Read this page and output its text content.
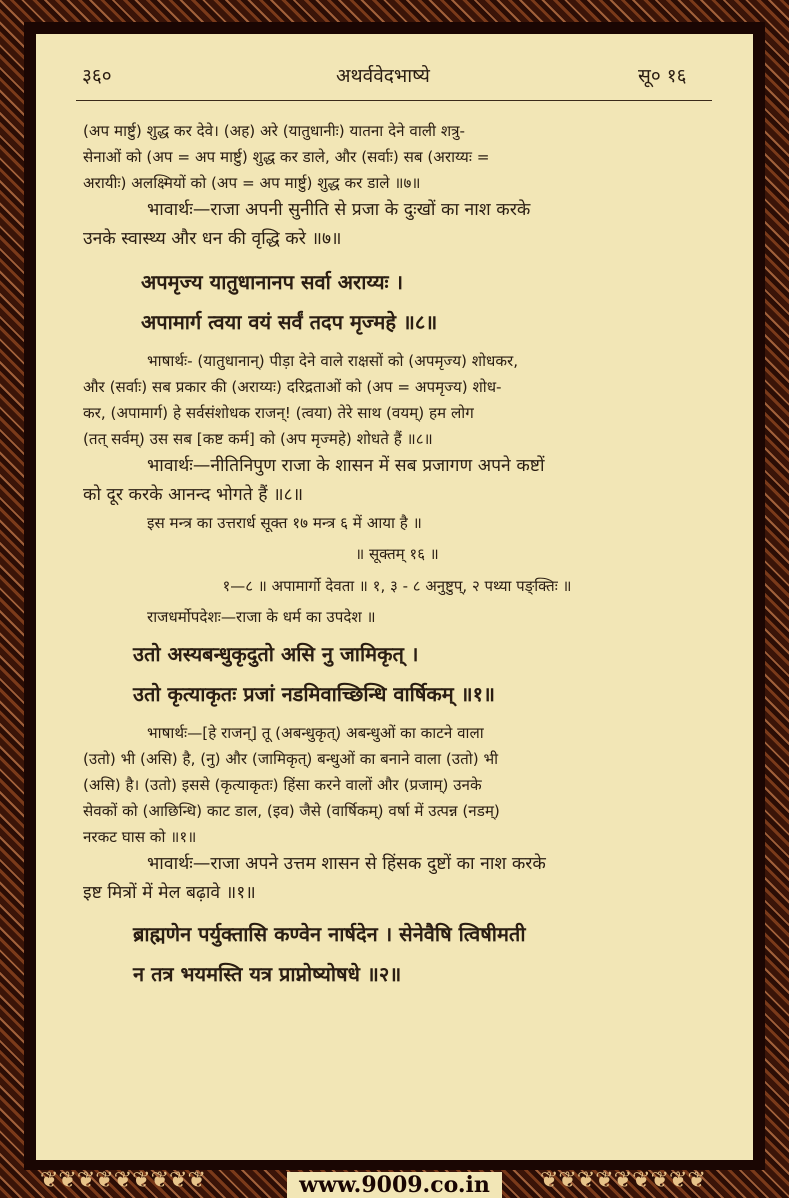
❦❦❦❦❦❦❦❦❦	❦❦❦❦❦❦❦❦❦
३६०	अथर्ववेदभाष्ये	सू० १६

(अप मार्ष्टु) शुद्ध कर देवे। (अह) अरे (यातुधानीः) यातना देने वाली शत्रु-

सेनाओं को (अप = अप मार्ष्टु) शुद्ध कर डाले, और (सर्वाः) सब (अराय्यः =

अरायीः) अलक्ष्मियों को (अप = अप मार्ष्टु) शुद्ध कर डाले ॥७॥

भावार्थः—राजा अपनी सुनीति से प्रजा के दुःखों का नाश करके

उनके स्वास्थ्य और धन की वृद्धि करे ॥७॥

अपमृज्य यातुधानानप सर्वा अराय्यः ।

अपामार्ग त्वया वयं सर्वं तदप मृज्महे ॥८॥

भाषार्थः- (यातुधानान्) पीड़ा देने वाले राक्षसों को (अपमृज्य) शोधकर,

और (सर्वाः) सब प्रकार की (अराय्यः) दरिद्रताओं को (अप = अपमृज्य) शोध-

कर, (अपामार्ग) हे सर्वसंशोधक राजन्! (त्वया) तेरे साथ (वयम्) हम लोग

(तत् सर्वम्) उस सब [कष्ट कर्म] को (अप मृज्महे) शोधते हैं ॥८॥

भावार्थः—नीतिनिपुण राजा के शासन में सब प्रजागण अपने कष्टों

को दूर करके आनन्द भोगते हैं ॥८॥

इस मन्त्र का उत्तरार्ध सूक्त १७ मन्त्र ६ में आया है ॥

॥ सूक्तम् १६ ॥

१—८ ॥ अपामार्गो देवता ॥ १, ३ - ८ अनुष्टुप्, २ पथ्या पङ्क्तिः ॥

राजधर्मोपदेशः—राजा के धर्म का उपदेश ॥

उतो अस्यबन्धुकृदुतो असि नु जामिकृत् ।

उतो कृत्याकृतः प्रजां नडमिवाच्छिन्धि वार्षिकम् ॥१॥

भाषार्थः—[हे राजन्] तू (अबन्धुकृत्) अबन्धुओं का काटने वाला

(उतो) भी (असि) है, (नु) और (जामिकृत्) बन्धुओं का बनाने वाला (उतो) भी

(असि) है। (उतो) इससे (कृत्याकृतः) हिंसा करने वालों और (प्रजाम्) उनके

सेवकों को (आछिन्धि) काट डाल, (इव) जैसे (वार्षिकम्) वर्षा में उत्पन्न (नडम्)

नरकट घास को ॥१॥

भावार्थः—राजा अपने उत्तम शासन से हिंसक दुष्टों का नाश करके

इष्ट मित्रों में मेल बढ़ावे ॥१॥

ब्राह्मणेन पर्युक्तासि कण्वेन नार्षदेन । सेनेवैषि त्विषीमती

न तत्र भयमस्ति यत्र प्राप्नोष्योषधे ॥२॥

www.9009.co.in
